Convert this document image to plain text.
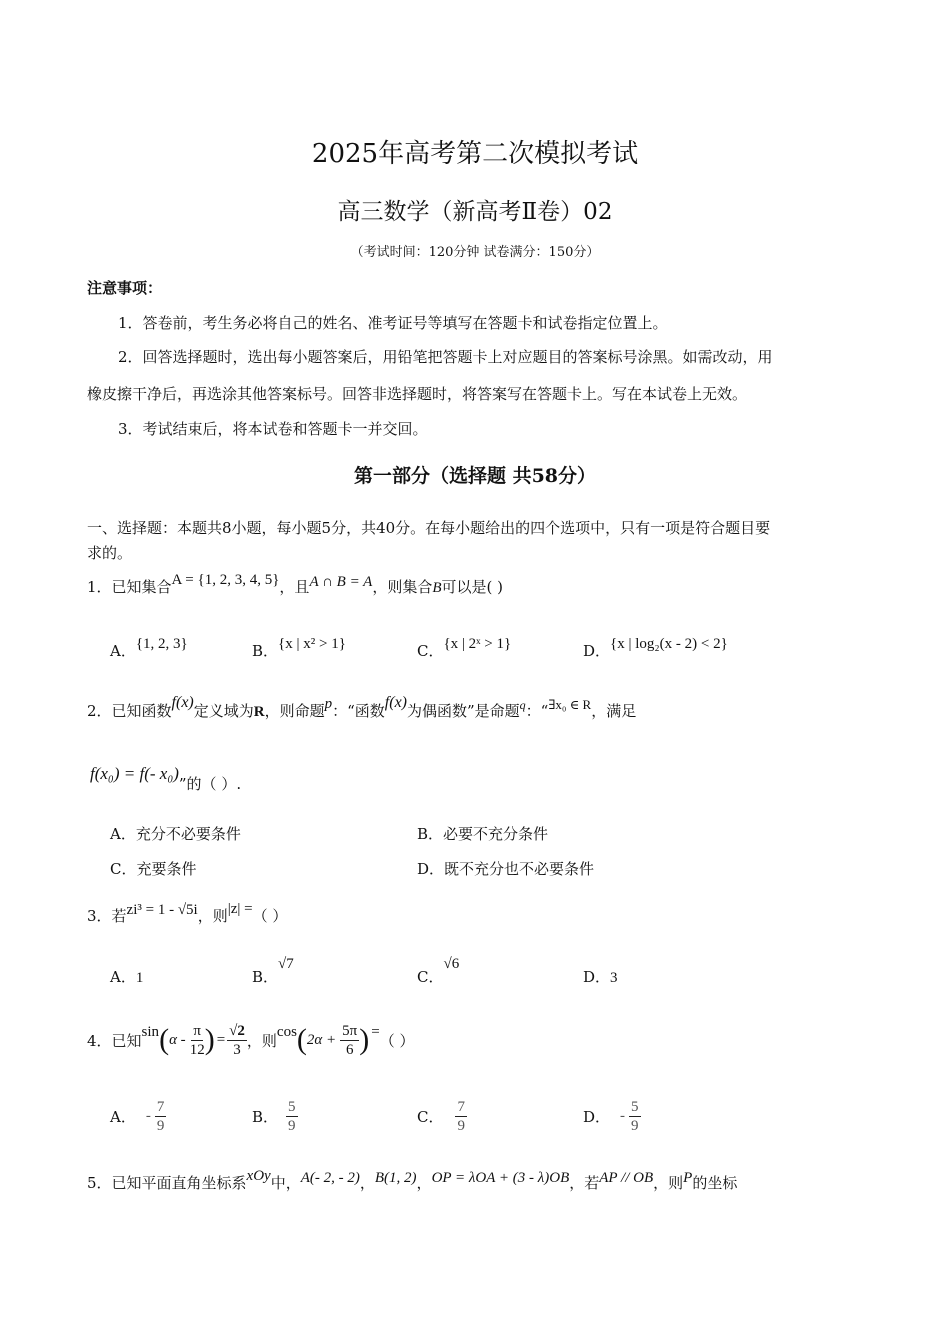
2025年高考第二次模拟考试
高三数学（新高考Ⅱ卷）02
（考试时间：120分钟 试卷满分：150分）
注意事项：
1．答卷前，考生务必将自己的姓名、准考证号等填写在答题卡和试卷指定位置上。
2．回答选择题时，选出每小题答案后，用铅笔把答题卡上对应题目的答案标号涂黑。如需改动，用
橡皮擦干净后，再选涂其他答案标号。回答非选择题时，将答案写在答题卡上。写在本试卷上无效。
3．考试结束后，将本试卷和答题卡一并交回。
第一部分（选择题 共58分）
一、选择题：本题共8小题，每小题5分，共40分。在每小题给出的四个选项中，只有一项是符合题目要
求的。
1．已知集合A = {1, 2, 3, 4, 5}，且A ∩ B = A，则集合B可以是( )
A．{1, 2, 3}	B．{x | x² > 1}	C．{x | 2ˣ > 1}	D．{x | log₂(x - 2) < 2}
2．已知函数f(x)定义域为R，则命题p：“函数f(x)为偶函数”是命题$^q$：“∃x₀ ∈ R，满足
f(x₀) = f(- x₀)”的（ ）.
A．充分不必要条件	B．必要不充分条件
C．充要条件	D．既不充分也不必要条件
3．若zi³ = 1 - √5i，则|z| =（ ）
A．1	B．√7
C．√6
D．3
4．已知 sin ( α - $\frac{\pi}{12}$ ) = $\frac{√2}{3}$ ，则 cos ( $2\alpha + \frac{5\pi}{6}$ ) = （ ）
A． - $\frac{7}{9}$	B． $\frac{5}{9}$	C． $\frac{7}{9}$	D． - $\frac{5}{9}$
5．已知平面直角坐标系xOy中，A(- 2, - 2)，B(1, 2)，OP = λOA + (3 - λ)OB，若AP // OB，则P的坐标
